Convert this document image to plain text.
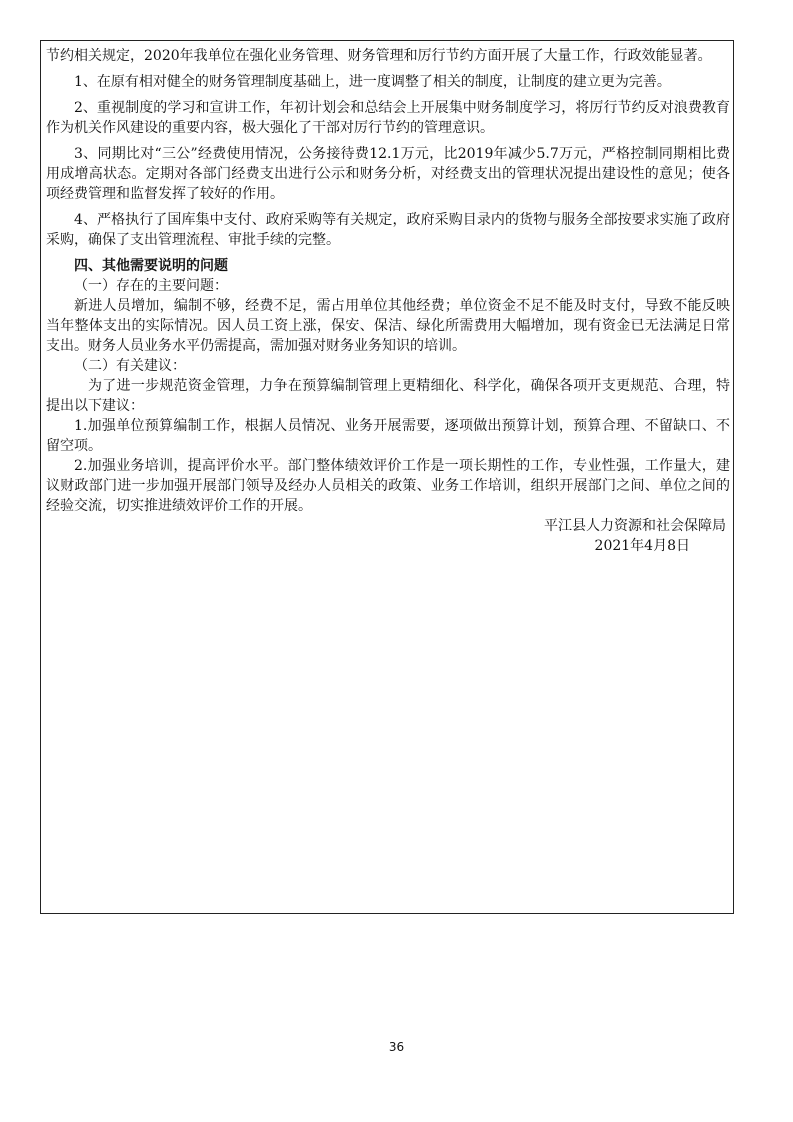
节约相关规定，2020年我单位在强化业务管理、财务管理和厉行节约方面开展了大量工作，行政效能显著。

1、在原有相对健全的财务管理制度基础上，进一度调整了相关的制度，让制度的建立更为完善。

2、重视制度的学习和宣讲工作，年初计划会和总结会上开展集中财务制度学习，将厉行节约反对浪费教育作为机关作风建设的重要内容，极大强化了干部对厉行节约的管理意识。

3、同期比对“三公”经费使用情况，公务接待费12.1万元，比2019年减少5.7万元，严格控制同期相比费用成增高状态。定期对各部门经费支出进行公示和财务分析，对经费支出的管理状况提出建设性的意见；使各项经费管理和监督发挥了较好的作用。

4、严格执行了国库集中支付、政府采购等有关规定，政府采购目录内的货物与服务全部按要求实施了政府采购，确保了支出管理流程、审批手续的完整。

四、其他需要说明的问题

（一）存在的主要问题：

新进人员增加，编制不够，经费不足，需占用单位其他经费；单位资金不足不能及时支付，导致不能反映当年整体支出的实际情况。因人员工资上涨，保安、保洁、绿化所需费用大幅增加，现有资金已无法满足日常支出。财务人员业务水平仍需提高，需加强对财务业务知识的培训。

（二）有关建议：

为了进一步规范资金管理，力争在预算编制管理上更精细化、科学化，确保各项开支更规范、合理，特提出以下建议：

1.加强单位预算编制工作，根据人员情况、业务开展需要，逐项做出预算计划，预算合理、不留缺口、不留空项。

2.加强业务培训，提高评价水平。部门整体绩效评价工作是一项长期性的工作，专业性强，工作量大，建议财政部门进一步加强开展部门领导及经办人员相关的政策、业务工作培训，组织开展部门之间、单位之间的经验交流，切实推进绩效评价工作的开展。

平江县人力资源和社会保障局

2021年4月8日

36
